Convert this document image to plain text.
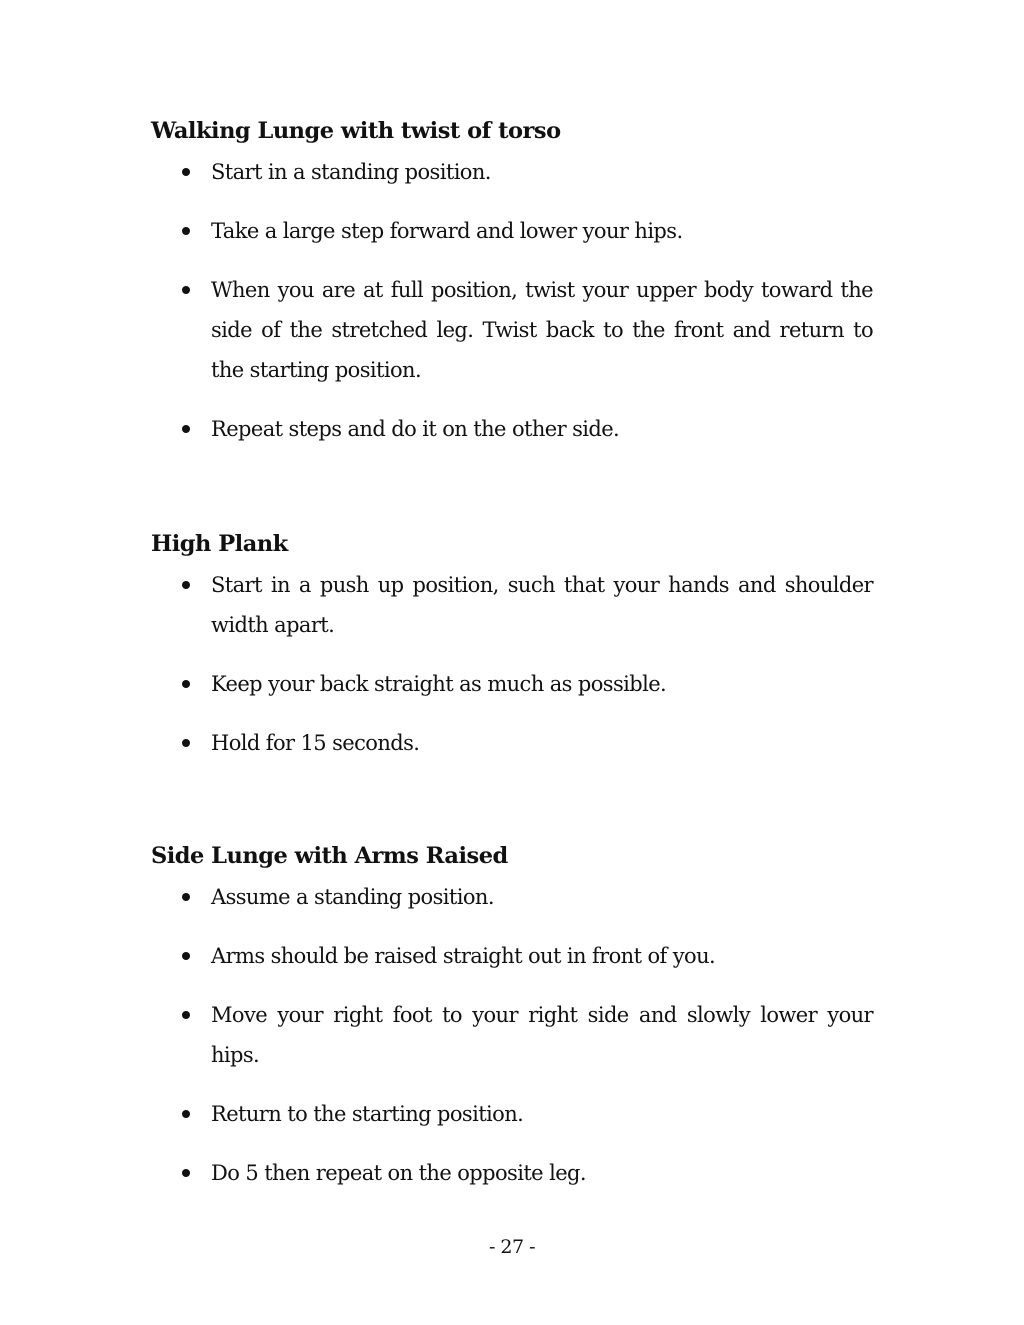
Walking Lunge with twist of torso
Start in a standing position.
Take a large step forward and lower your hips.
When you are at full position, twist your upper body toward the side of the stretched leg. Twist back to the front and return to the starting position.
Repeat steps and do it on the other side.
High Plank
Start in a push up position, such that your hands and shoulder width apart.
Keep your back straight as much as possible.
Hold for 15 seconds.
Side Lunge with Arms Raised
Assume a standing position.
Arms should be raised straight out in front of you.
Move your right foot to your right side and slowly lower your hips.
Return to the starting position.
Do 5 then repeat on the opposite leg.
- 27 -
